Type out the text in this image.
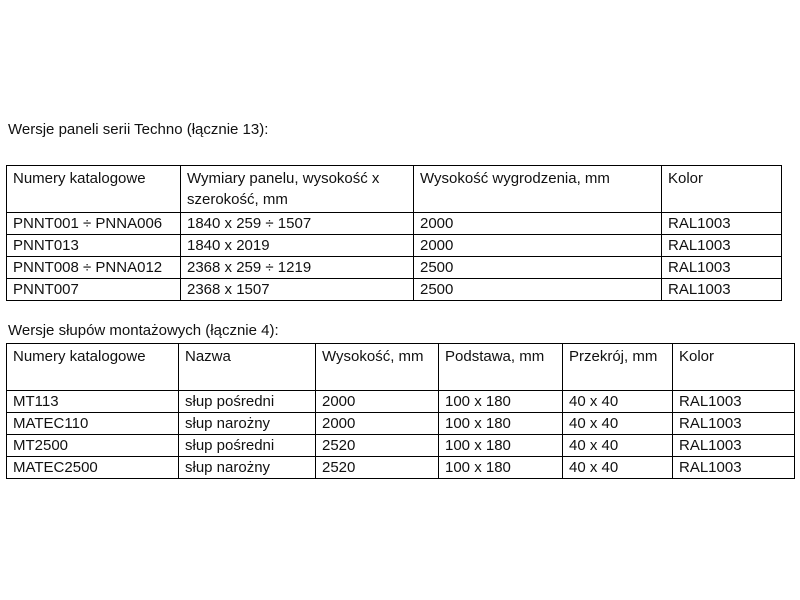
Wersje paneli serii Techno (łącznie 13):
Numery katalogowe	Wymiary panelu, wysokość x szerokość, mm	Wysokość wygrodzenia, mm	Kolor
PNNT001 ÷ PNNA006	1840 x 259 ÷ 1507	2000	RAL1003
PNNT013	1840 x 2019	2000	RAL1003
PNNT008 ÷ PNNA012	2368 x 259 ÷ 1219	2500	RAL1003
PNNT007	2368 x 1507	2500	RAL1003
Wersje słupów montażowych (łącznie 4):
Numery katalogowe	Nazwa	Wysokość, mm	Podstawa, mm	Przekrój, mm	Kolor
MT113	słup pośredni	2000	100 x 180	40 x 40	RAL1003
MATEC110	słup narożny	2000	100 x 180	40 x 40	RAL1003
MT2500	słup pośredni	2520	100 x 180	40 x 40	RAL1003
MATEC2500	słup narożny	2520	100 x 180	40 x 40	RAL1003
